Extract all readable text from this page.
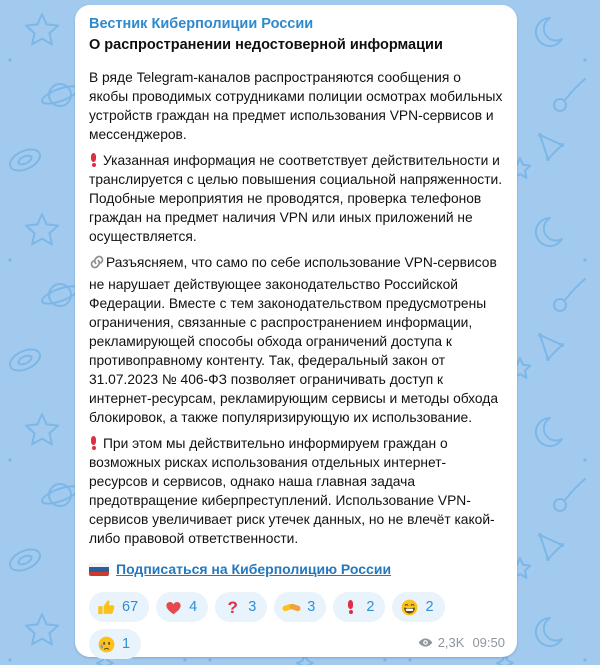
Вестник Киберполиции России
О распространении недостоверной информации

В ряде Telegram-каналов распространяются сообщения о якобы проводимых сотрудниками полиции осмотрах мобильных устройств граждан на предмет использования VPN-сервисов и мессенджеров.

Указанная информация не соответствует действительности и транслируется с целью повышения социальной напряженности. Подобные мероприятия не проводятся, проверка телефонов граждан на предмет наличия VPN или иных приложений не осуществляется.

Разъясняем, что само по себе использование VPN-сервисов не нарушает действующее законодательство Российской Федерации. Вместе с тем законодательством предусмотрены ограничения, связанные с распространением информации, рекламирующей способы обхода ограничений доступа к противоправному контенту. Так, федеральный закон от 31.07.2023 № 406-ФЗ позволяет ограничивать доступ к интернет-ресурсам, рекламирующим сервисы и методы обхода блокировок, а также популяризирующую их использование.

При этом мы действительно информируем граждан о возможных рисках использования отдельных интернет-ресурсов и сервисов, однако наша главная задача предотвращение киберпреступлений. Использование VPN-сервисов увеличивает риск утечек данных, но не влечёт какой-либо правовой ответственности.

Подписаться на Киберполицию России
67	4 ? 3	3	2	2
1	2,3K 09:50
